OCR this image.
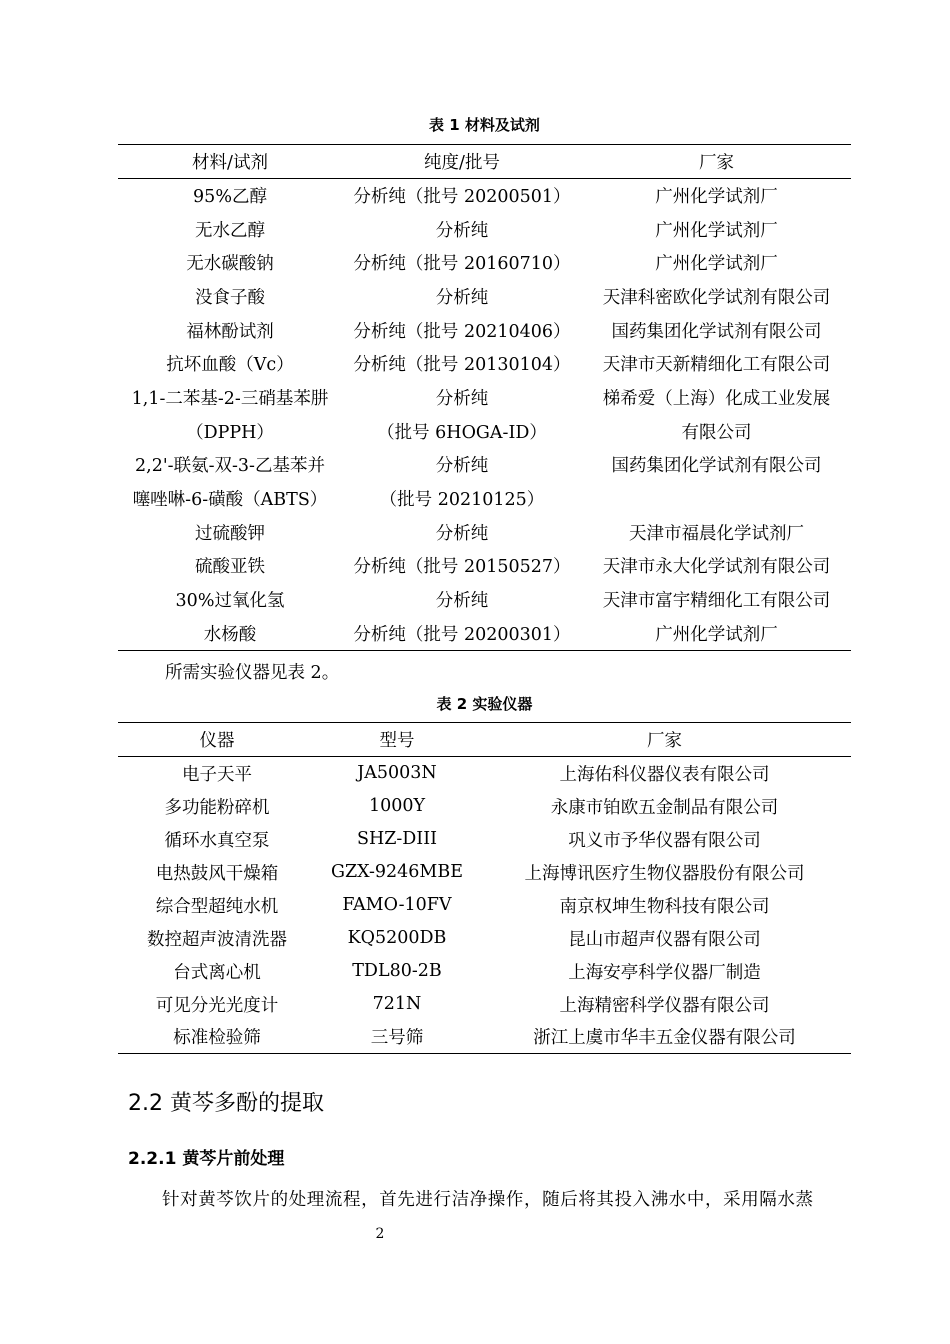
表 1 材料及试剂
材料/试剂	纯度/批号	厂家
95%乙醇	分析纯（批号 20200501）	广州化学试剂厂
无水乙醇	分析纯	广州化学试剂厂
无水碳酸钠	分析纯（批号 20160710）	广州化学试剂厂
没食子酸	分析纯	天津科密欧化学试剂有限公司
福林酚试剂	分析纯（批号 20210406）	国药集团化学试剂有限公司
抗坏血酸（Vc）	分析纯（批号 20130104）	天津市天新精细化工有限公司
1,1-二苯基-2-三硝基苯肼	分析纯	梯希爱（上海）化成工业发展
（DPPH）	（批号 6HOGA-ID）	有限公司
2,2'-联氨-双-3-乙基苯并	分析纯	国药集团化学试剂有限公司
噻唑啉-6-磺酸（ABTS）	（批号 20210125）	
过硫酸钾	分析纯	天津市福晨化学试剂厂
硫酸亚铁	分析纯（批号 20150527）	天津市永大化学试剂有限公司
30%过氧化氢	分析纯	天津市富宇精细化工有限公司
水杨酸	分析纯（批号 20200301）	广州化学试剂厂
所需实验仪器见表 2。
表 2 实验仪器
仪器	型号	厂家
电子天平	JA5003N	上海佑科仪器仪表有限公司
多功能粉碎机	1000Y	永康市铂欧五金制品有限公司
循环水真空泵	SHZ-DIII	巩义市予华仪器有限公司
电热鼓风干燥箱	GZX-9246MBE	上海博讯医疗生物仪器股份有限公司
综合型超纯水机	FAMO-10FV	南京权坤生物科技有限公司
数控超声波清洗器	KQ5200DB	昆山市超声仪器有限公司
台式离心机	TDL80-2B	上海安亭科学仪器厂制造
可见分光光度计	721N	上海精密科学仪器有限公司
标准检验筛	三号筛	浙江上虞市华丰五金仪器有限公司
2.2 黄芩多酚的提取
2.2.1 黄芩片前处理
针对黄芩饮片的处理流程，首先进行洁净操作，随后将其投入沸水中，采用隔水蒸
2
